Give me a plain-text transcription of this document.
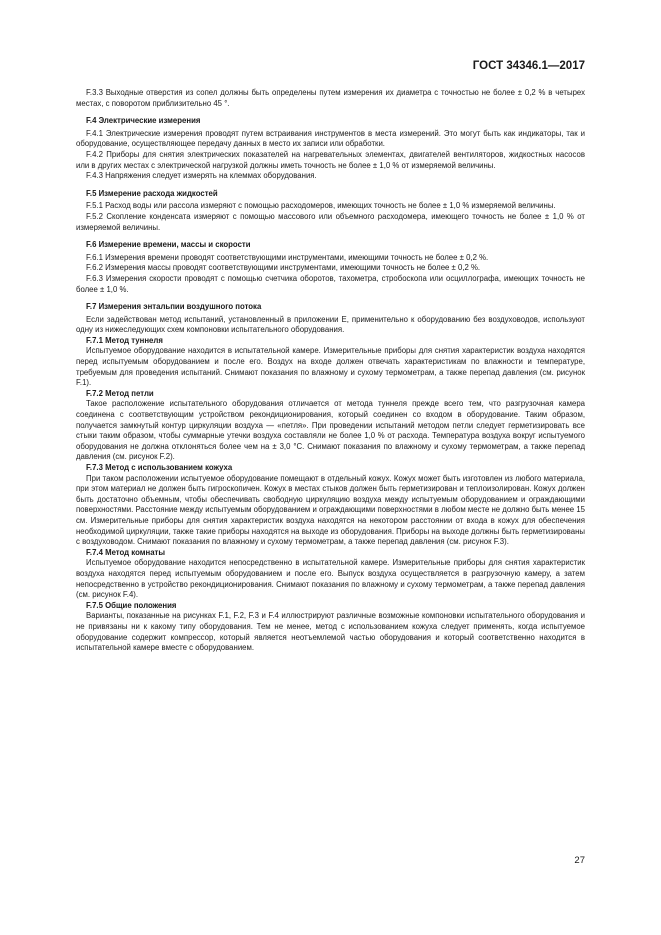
ГОСТ 34346.1—2017

F.3.3 Выходные отверстия из сопел должны быть определены путем измерения их диаметра с точностью не более ± 0,2 % в четырех местах, с поворотом приблизительно 45 °.

F.4 Электрические измерения

F.4.1 Электрические измерения проводят путем встраивания инструментов в места измерений. Это могут быть как индикаторы, так и оборудование, осуществляющее передачу данных в место их записи или обработки.

F.4.2 Приборы для снятия электрических показателей на нагревательных элементах, двигателей вентиляторов, жидкостных насосов или в других местах с электрической нагрузкой должны иметь точность не более ± 1,0 % от измеряемой величины.

F.4.3 Напряжения следует измерять на клеммах оборудования.

F.5 Измерение расхода жидкостей

F.5.1 Расход воды или рассола измеряют с помощью расходомеров, имеющих точность не более ± 1,0 % измеряемой величины.

F.5.2 Скопление конденсата измеряют с помощью массового или объемного расходомера, имеющего точность не более ± 1,0 % от измеряемой величины.

F.6 Измерение времени, массы и скорости

F.6.1 Измерения времени проводят соответствующими инструментами, имеющими точность не более ± 0,2 %.

F.6.2 Измерения массы проводят соответствующими инструментами, имеющими точность не более ± 0,2 %.

F.6.3 Измерения скорости проводят с помощью счетчика оборотов, тахометра, стробоскопа или осциллографа, имеющих точность не более ± 1,0 %.

F.7 Измерения энтальпии воздушного потока

Если задействован метод испытаний, установленный в приложении Е, применительно к оборудованию без воздуховодов, используют одну из нижеследующих схем компоновки испытательного оборудования.

F.7.1 Метод туннеля

Испытуемое оборудование находится в испытательной камере. Измерительные приборы для снятия характеристик воздуха находятся перед испытуемым оборудованием и после его. Воздух на входе должен отвечать характеристикам по влажности и температуре, требуемым для проведения испытаний. Снимают показания по влажному и сухому термометрам, а также перепад давления (см. рисунок F.1).

F.7.2 Метод петли

Такое расположение испытательного оборудования отличается от метода туннеля прежде всего тем, что разгрузочная камера соединена с соответствующим устройством рекондиционирования, который соединен со входом в оборудование. Таким образом, получается замкнутый контур циркуляции воздуха — «петля». При проведении испытаний методом петли следует герметизировать все стыки таким образом, чтобы суммарные утечки воздуха составляли не более 1,0 % от расхода. Температура воздуха вокруг испытуемого оборудования не должна отклоняться более чем на ± 3,0 °С. Снимают показания по влажному и сухому термометрам, а также перепад давления (см. рисунок F.2).

F.7.3 Метод с использованием кожуха

При таком расположении испытуемое оборудование помещают в отдельный кожух. Кожух может быть изготовлен из любого материала, при этом материал не должен быть гигроскопичен. Кожух в местах стыков должен быть герметизирован и теплоизолирован. Кожух должен быть достаточно объемным, чтобы обеспечивать свободную циркуляцию воздуха между испытуемым оборудованием и ограждающими поверхностями. Расстояние между испытуемым оборудованием и ограждающими поверхностями в любом месте не должно быть менее 15 см. Измерительные приборы для снятия характеристик воздуха находятся на некотором расстоянии от входа в кожух для обеспечения необходимой циркуляции, также такие приборы находятся на выходе из оборудования. Приборы на выходе должны быть герметизированы с воздуховодом. Снимают показания по влажному и сухому термометрам, а также перепад давления (см. рисунок F.3).

F.7.4 Метод комнаты

Испытуемое оборудование находится непосредственно в испытательной камере. Измерительные приборы для снятия характеристик воздуха находятся перед испытуемым оборудованием и после его. Выпуск воздуха осуществляется в разгрузочную камеру, а затем непосредственно в устройство рекондиционирования. Снимают показания по влажному и сухому термометрам, а также перепад давления (см. рисунок F.4).

F.7.5 Общие положения

Варианты, показанные на рисунках F.1, F.2, F.3 и F.4 иллюстрируют различные возможные компоновки испытательного оборудования и не привязаны ни к какому типу оборудования. Тем не менее, метод с использованием кожуха следует применять, когда испытуемое оборудование содержит компрессор, который является неотъемлемой частью оборудования и который соответственно находится в испытательной камере вместе с оборудованием.

27
